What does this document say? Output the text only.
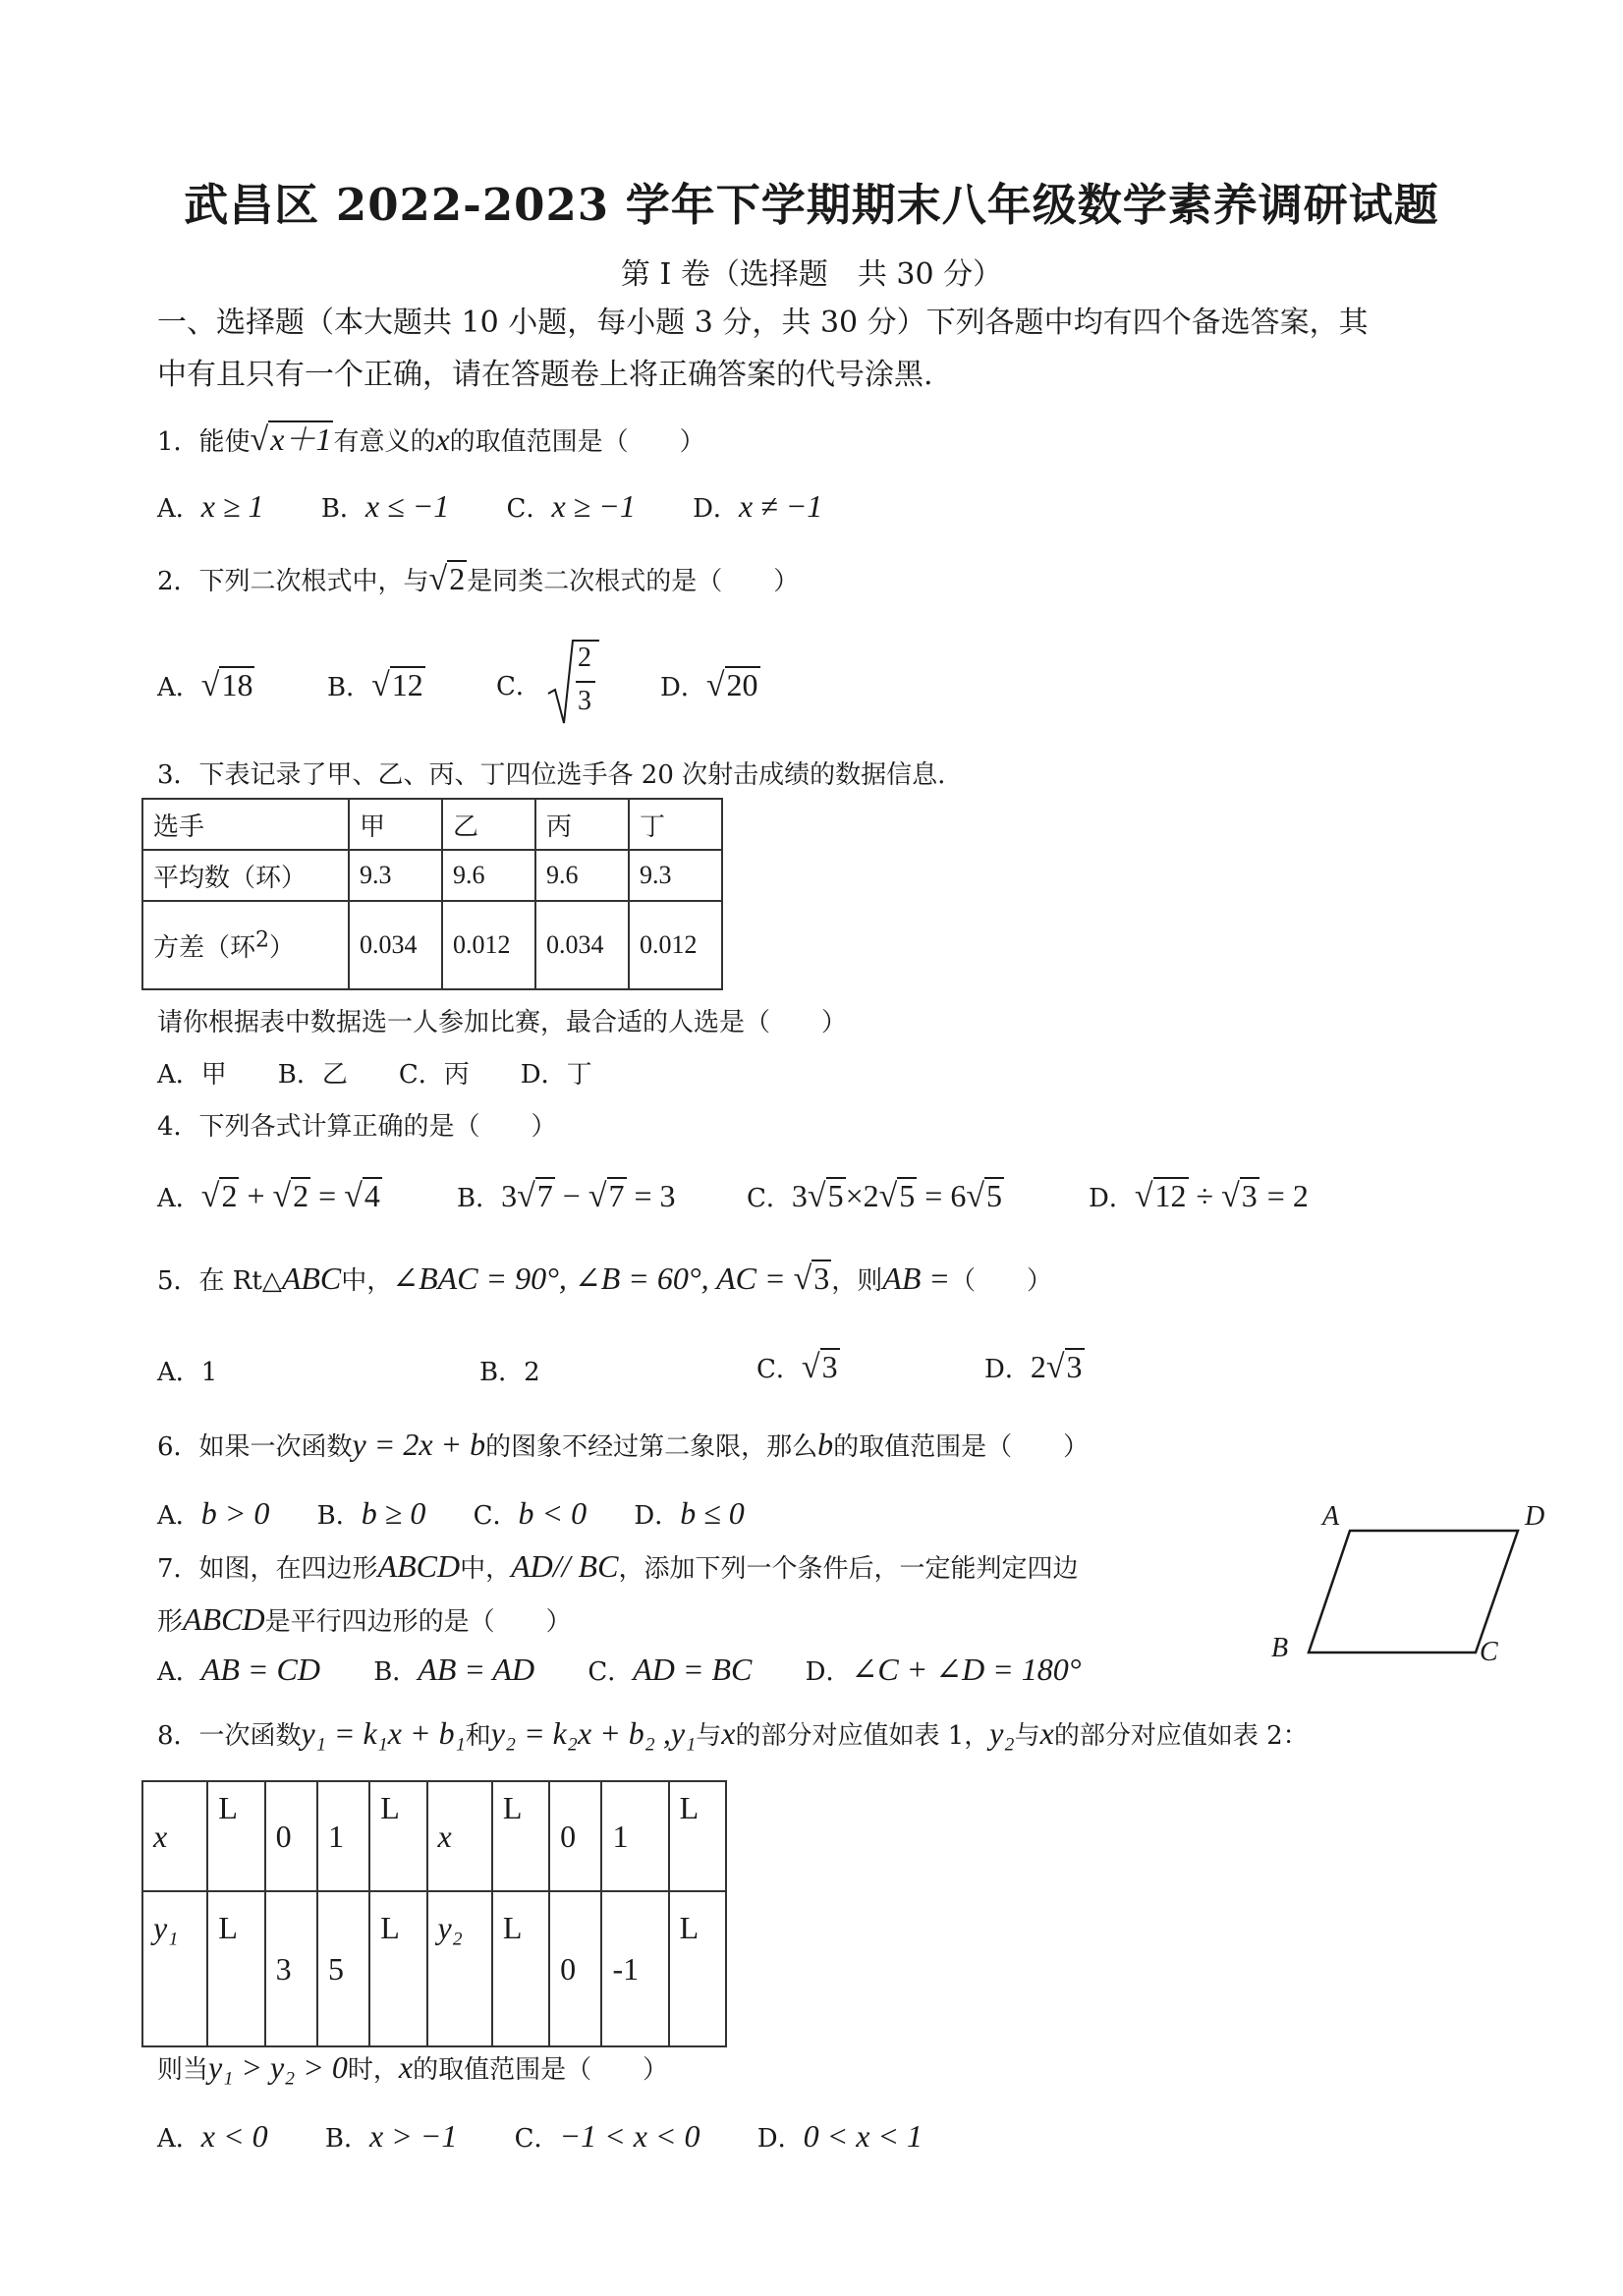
武昌区 2022-2023 学年下学期期末八年级数学素养调研试题
第 I 卷（选择题　共 30 分）
一、选择题（本大题共 10 小题，每小题 3 分，共 30 分）下列各题中均有四个备选答案，其
中有且只有一个正确，请在答题卷上将正确答案的代号涂黑.
1．能使√x＋1有意义的x的取值范围是（　　）
A．x ≥ 1 B．x ≤ −1 C．x ≥ −1 D．x ≠ −1
2．下列二次根式中，与√2是同类二次根式的是（　　）
A．√18	B．√12	C．
2
3	D．√20
3．下表记录了甲、乙、丙、丁四位选手各 20 次射击成绩的数据信息.
选手	甲	乙	丙	丁
平均数（环）	9.3	9.6	9.6	9.3
方差（环$^2$）	0.034	0.012	0.034	0.012
请你根据表中数据选一人参加比赛，最合适的人选是（　　）
A．甲　　B．乙　　C．丙　　D．丁
4．下列各式计算正确的是（　　）
A．√2 + √2 = √4	B．3√7 − √7 = 3	C．3√5×2√5 = 6√5	D．√12 ÷ √3 = 2
5．在 Rt△ABC中，∠BAC = 90°, ∠B = 60°, AC = √3，则AB =（　　）
A．1	B．2	C．√3	D．2√3
6．如果一次函数y = 2x + b的图象不经过第二象限，那么b的取值范围是（　　）
A．b > 0 B．b ≥ 0 C．b < 0 D．b ≤ 0	A	D
B	C
7．如图，在四边形ABCD中，AD// BC，添加下列一个条件后，一定能判定四边
形ABCD是平行四边形的是（　　）
A．AB = CD B．AB = AD C．AD = BC D．∠C + ∠D = 180°
8．一次函数y₁ = k₁x + b₁和y₂ = k₂x + b₂ ,y₁与x的部分对应值如表 1，y₂与x的部分对应值如表 2：
x	L	0	1	L	x	L	0	1	L
y₁	L	3	5	L	y₂	L	0	-1	L
则当y₁ > y₂ > 0时，x的取值范围是（　　）
A．x < 0 B．x > −1 C．−1 < x < 0 D．0 < x < 1
